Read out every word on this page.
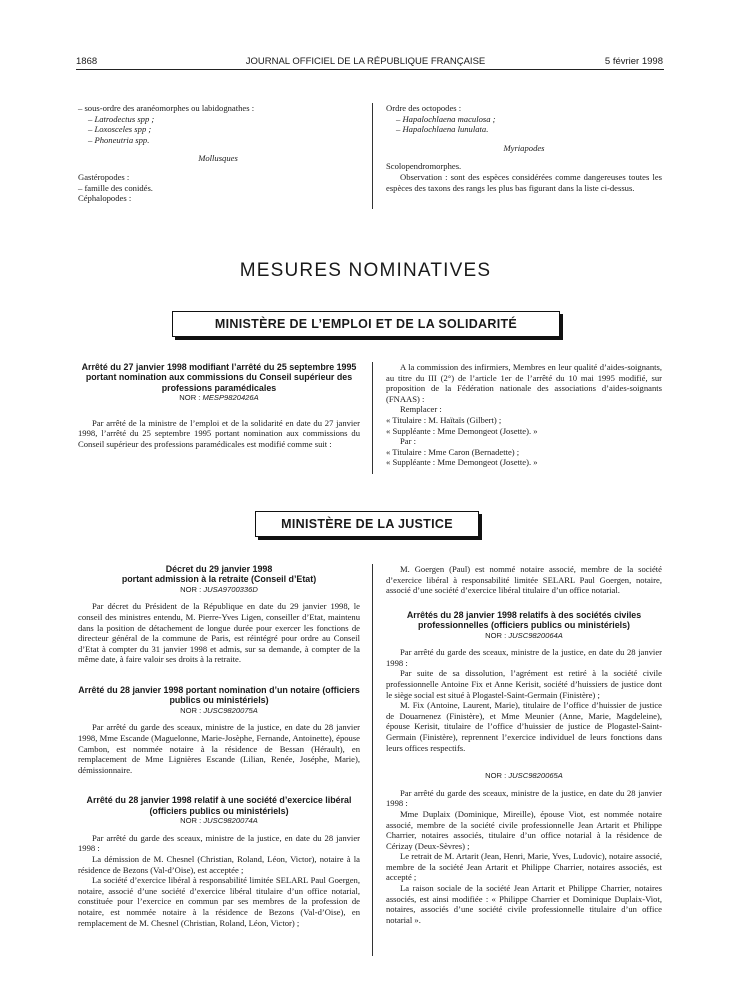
1868	JOURNAL OFFICIEL DE LA RÉPUBLIQUE FRANÇAISE	5 février 1998

– sous-ordre des aranéomorphes ou labidognathes :

– Latrodectus spp ;

– Loxosceles spp ;

– Phoneutria spp.

Mollusques

Gastéropodes :

– famille des conidés.

Céphalopodes :

Ordre des octopodes :

– Hapalochlaena maculosa ;

– Hapalochlaena lunulata.

Myriapodes

Scolopendromorphes.

Observation : sont des espèces considérées comme dangereuses toutes les espèces des taxons des rangs les plus bas figurant dans la liste ci-dessus.

MESURES NOMINATIVES
MINISTÈRE DE L’EMPLOI ET DE LA SOLIDARITÉ

Arrêté du 27 janvier 1998 modifiant l’arrêté du 25 septembre 1995 portant nomination aux commissions du Conseil supérieur des professions paramédicales

NOR : MESP9820426A

Par arrêté de la ministre de l’emploi et de la solidarité en date du 27 janvier 1998, l’arrêté du 25 septembre 1995 portant nomination aux commissions du Conseil supérieur des professions paramédicales est modifié comme suit :

A la commission des infirmiers, Membres en leur qualité d’aides-soignants, au titre du III (2°) de l’article 1er de l’arrêté du 10 mai 1995 modifié, sur proposition de la Fédération nationale des associations d’aides-soignants (FNAAS) :

Remplacer :

« Titulaire : M. Haïtaïs (Gilbert) ;

« Suppléante : Mme Demongeot (Josette). »

Par :

« Titulaire : Mme Caron (Bernadette) ;

« Suppléante : Mme Demongeot (Josette). »

MINISTÈRE DE LA JUSTICE

Décret du 29 janvier 1998

portant admission à la retraite (Conseil d’Etat)

NOR : JUSA9700336D

Par décret du Président de la République en date du 29 janvier 1998, le conseil des ministres entendu, M. Pierre-Yves Ligen, conseiller d’Etat, maintenu dans la position de détachement de longue durée pour exercer les fonctions de directeur général de la commune de Paris, est réintégré pour ordre au Conseil d’Etat à compter du 31 janvier 1998 et admis, sur sa demande, à compter de la même date, à faire valoir ses droits à la retraite.

Arrêté du 28 janvier 1998 portant nomination d’un notaire (officiers publics ou ministériels)

NOR : JUSC9820075A

Par arrêté du garde des sceaux, ministre de la justice, en date du 28 janvier 1998, Mme Escande (Maguelonne, Marie-Josèphe, Fernande, Antoinette), épouse Cambon, est nommée notaire à la résidence de Bessan (Hérault), en remplacement de Mme Lignières Escande (Lilian, Renée, Joséphe, Marie), démissionnaire.

Arrêté du 28 janvier 1998 relatif à une société d’exercice libéral (officiers publics ou ministériels)

NOR : JUSC9820074A

Par arrêté du garde des sceaux, ministre de la justice, en date du 28 janvier 1998 :

La démission de M. Chesnel (Christian, Roland, Léon, Victor), notaire à la résidence de Bezons (Val-d’Oise), est acceptée ;

La société d’exercice libéral à responsabilité limitée SELARL Paul Goergen, notaire, associé d’une société d’exercice libéral titulaire d’un office notarial, constituée pour l’exercice en commun par ses membres de la profession de notaire, est nommée notaire à la résidence de Bezons (Val-d’Oise), en remplacement de M. Chesnel (Christian, Roland, Léon, Victor) ;

M. Goergen (Paul) est nommé notaire associé, membre de la société d’exercice libéral à responsabilité limitée SELARL Paul Goergen, notaire, associé d’une société d’exercice libéral titulaire d’un office notarial.

Arrêtés du 28 janvier 1998 relatifs à des sociétés civiles professionnelles (officiers publics ou ministériels)

NOR : JUSC9820064A

Par arrêté du garde des sceaux, ministre de la justice, en date du 28 janvier 1998 :

Par suite de sa dissolution, l’agrément est retiré à la société civile professionnelle Antoine Fix et Anne Kerisit, société d’huissiers de justice dont le siège social est situé à Plogastel-Saint-Germain (Finistère) ;

M. Fix (Antoine, Laurent, Marie), titulaire de l’office d’huissier de justice de Douarnenez (Finistère), et Mme Meunier (Anne, Marie, Magdeleine), épouse Kerisit, titulaire de l’office d’huissier de justice de Plogastel-Saint-Germain (Finistère), reprennent l’exercice individuel de leurs fonctions dans leurs offices respectifs.

NOR : JUSC9820065A

Par arrêté du garde des sceaux, ministre de la justice, en date du 28 janvier 1998 :

Mme Duplaix (Dominique, Mireille), épouse Viot, est nommée notaire associé, membre de la société civile professionnelle Jean Artarit et Philippe Charrier, notaires associés, titulaire d’un office notarial à la résidence de Cérizay (Deux-Sèvres) ;

Le retrait de M. Artarit (Jean, Henri, Marie, Yves, Ludovic), notaire associé, membre de la société Jean Artarit et Philippe Charrier, notaires associés, est accepté ;

La raison sociale de la société Jean Artarit et Philippe Charrier, notaires associés, est ainsi modifiée : « Philippe Charrier et Dominique Duplaix-Viot, notaires, associés d’une société civile professionnelle titulaire d’un office notarial ».
